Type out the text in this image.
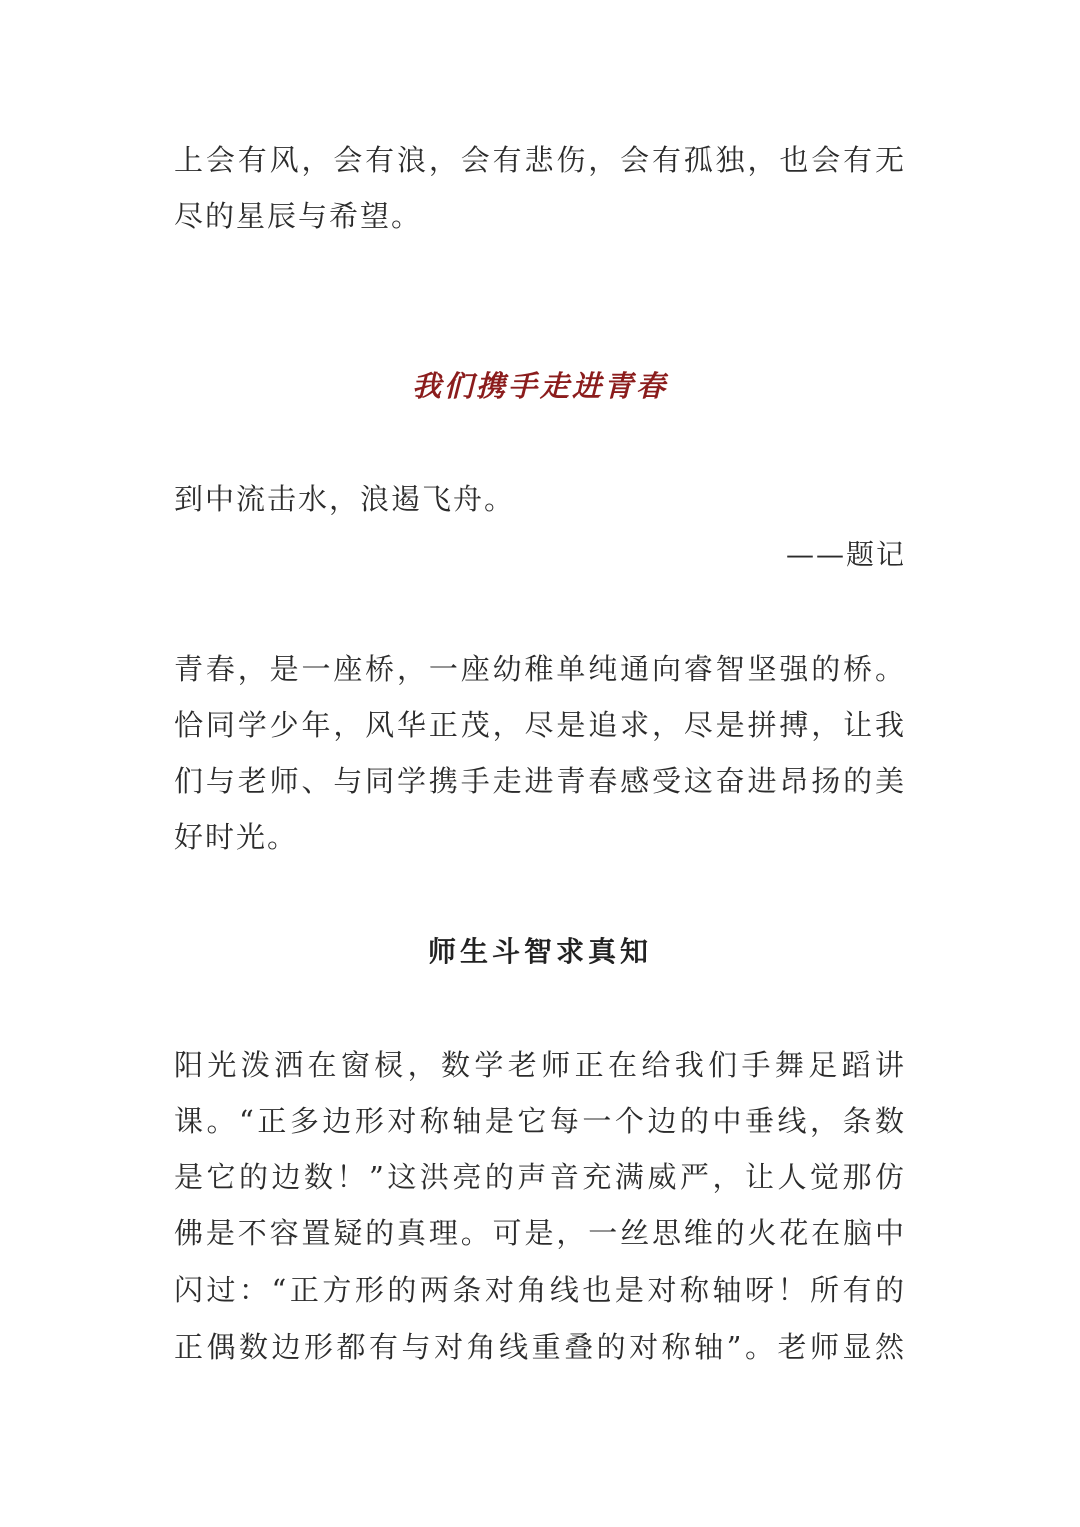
上会有风，会有浪，会有悲伤，会有孤独，也会有无
尽的星辰与希望。
我们携手走进青春
到中流击水，浪遏飞舟。
——题记
青春，是一座桥，一座幼稚单纯通向睿智坚强的桥。
恰同学少年，风华正茂，尽是追求，尽是拼搏，让我
们与老师、与同学携手走进青春感受这奋进昂扬的美
好时光。
师生斗智求真知
阳光泼洒在窗棂，数学老师正在给我们手舞足蹈讲
课。“正多边形对称轴是它每一个边的中垂线，条数
是它的边数！”这洪亮的声音充满威严，让人觉那仿
佛是不容置疑的真理。可是，一丝思维的火花在脑中
闪过：“正方形的两条对角线也是对称轴呀！所有的
正偶数边形都有与对角线重叠的对称轴”。老师显然
